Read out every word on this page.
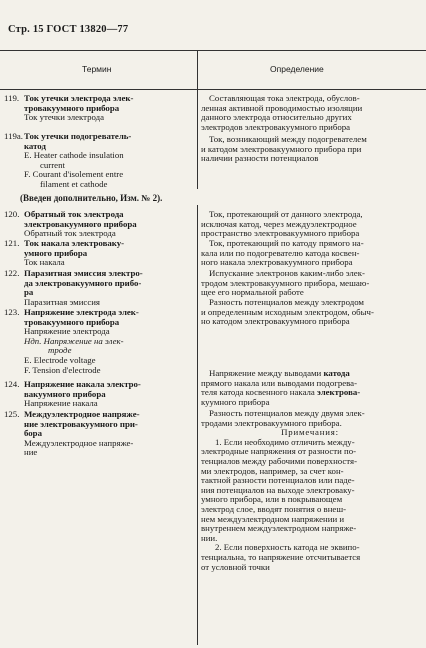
Стр. 15 ГОСТ 13820—77
Термин	Определение
119. Ток утечки электрода элек-
тровакуумного прибора
Ток утечки электрода
Составляющая тока электрода, обуслов-
ленная активной проводимостью изоляции
данного электрода относительно других
электродов электровакуумного прибора
119а. Ток утечки подогреватель-
катод
E. Heater cathode insulation
current
F. Courant d'isolement entre
filament et cathode
Ток, возникающий между подогревателем
и катодом электровакуумного прибора при
наличии разности потенциалов
(Введен дополнительно, Изм. № 2).
120. Обратный ток электрода
электровакуумного прибора
Обратный ток электрода
Ток, протекающий от данного электрода,
исключая катод, через междуэлектродное
пространство электровакуумного прибора
121. Ток накала электроваку-
умного прибора
Ток накала
Ток, протекающий по катоду прямого на-
кала или по подогревателю катода косвен-
ного накала электровакуумного прибора
122. Паразитная эмиссия электро-
да электровакуумного прибо-
ра
Паразитная эмиссия
Испускание электронов каким-либо элек-
тродом электровакуумного прибора, мешаю-
щее его нормальной работе
123. Напряжение электрода элек-
тровакуумного прибора
Напряжение электрода
Ндп. Напряжение на элек-
троде
E. Electrode voltage
F. Tension d'electrode
Разность потенциалов между электродом
и определенным исходным электродом, обыч-
но катодом электровакуумного прибора
124. Напряжение накала электро-
вакуумного прибора
Напряжение накала
Напряжение между выводами катода
прямого накала или выводами подогрева-
теля катода косвенного накала электрова-
куумного прибора
125. Междуэлектродное напряже-
ние электровакуумного при-
бора
Междуэлектродное напряже-
ние
Разность потенциалов между двумя элек-
тродами электровакуумного прибора.
Примечания:
1. Если необходимо отличить между-
электродные напряжения от разности по-
тенциалов между рабочими поверхностя-
ми электродов, например, за счет кон-
тактной разности потенциалов или паде-
ния потенциалов на выходе электроваку-
умного прибора, или в покрывающем
электрод слое, вводят понятия о внеш-
нем междуэлектродном напряжении и
внутреннем междуэлектродном напряже-
нии.
2. Если поверхность катода не эквипо-
тенциальна, то напряжение отсчитывается
от условной точки
